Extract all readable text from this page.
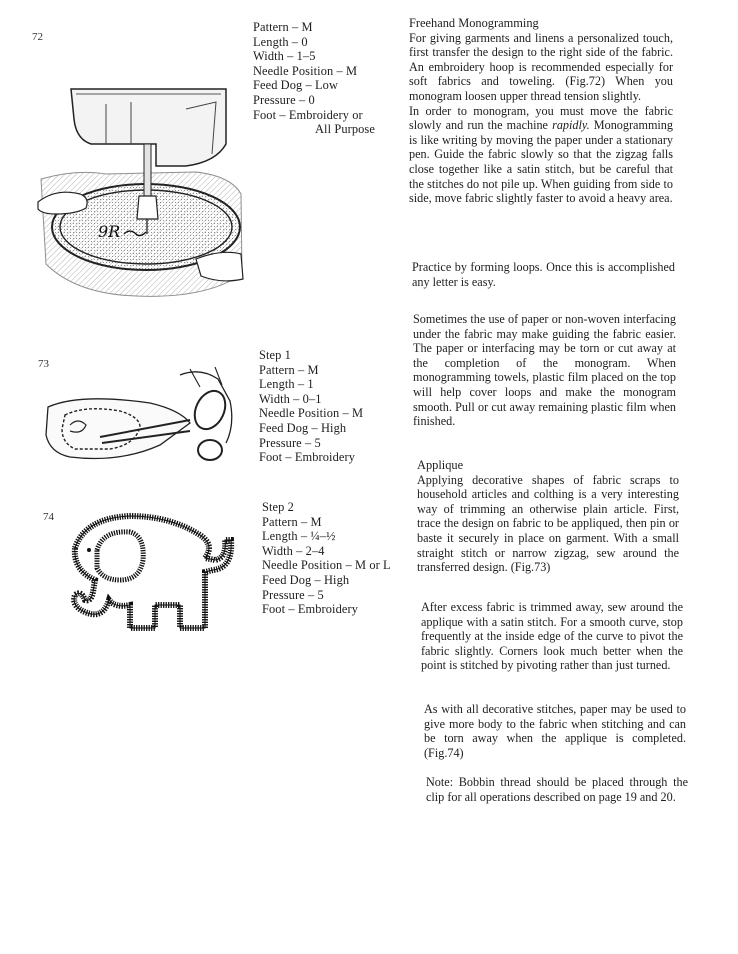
72
9R
Pattern – M
Length – 0
Width – 1–5
Needle Position – M
Feed Dog – Low
Pressure – 0
Foot – Embroidery or
All Purpose
73
Step 1
Pattern – M
Length – 1
Width – 0–1
Needle Position – M
Feed Dog – High
Pressure – 5
Foot – Embroidery
74
Step 2
Pattern – M
Length – ¼–½
Width – 2–4
Needle Position – M or L
Feed Dog – High
Pressure – 5
Foot – Embroidery
Freehand Monogramming

For giving garments and linens a personalized touch, first transfer the design to the right side of the fabric. An embroidery hoop is recommended especially for soft fabrics and toweling. (Fig.72) When you monogram loosen upper thread tension slightly.

In order to monogram, you must move the fabric slowly and run the machine rapidly. Monogramming is like writing by moving the paper under a stationary pen. Guide the fabric slowly so that the zigzag falls close together like a satin stitch, but be careful that the stitches do not pile up. When guiding from side to side, move fabric slightly faster to avoid a heavy area.

Practice by forming loops. Once this is accomplished any letter is easy.
Sometimes the use of paper or non-woven interfacing under the fabric may make guiding the fabric easier. The paper or interfacing may be torn or cut away at the completion of the monogram. When monogramming towels, plastic film placed on the top will help cover loops and make the monogram smooth. Pull or cut away remaining plastic film when finished.
Applique

Applying decorative shapes of fabric scraps to household articles and colthing is a very interesting way of trimming an otherwise plain article. First, trace the design on fabric to be appliqued, then pin or baste it securely in place on garment. With a small straight stitch or narrow zigzag, sew around the transferred design. (Fig.73)

After excess fabric is trimmed away, sew around the applique with a satin stitch. For a smooth curve, stop frequently at the inside edge of the curve to pivot the fabric slightly. Corners look much better when the point is stitched by pivoting rather than just turned.
As with all decorative stitches, paper may be used to give more body to the fabric when stitching and can be torn away when the applique is completed. (Fig.74)
Note: Bobbin thread should be placed through the clip for all operations described on page 19 and 20.
